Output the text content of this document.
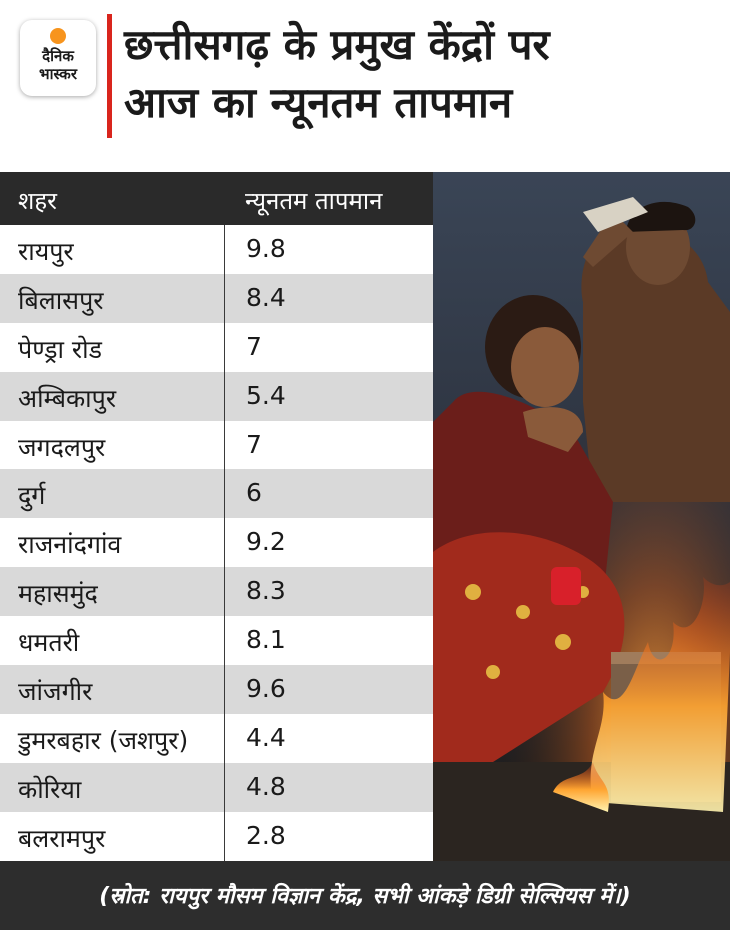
दैनिक
भास्कर
छत्तीसगढ़ के प्रमुख केंद्रों पर
आज का न्यूनतम तापमान
शहर	न्यूनतम तापमान
रायपुर	9.8
बिलासपुर	8.4
पेण्ड्रा रोड	7
अम्बिकापुर	5.4
जगदलपुर	7
दुर्ग	6
राजनांदगांव	9.2
महासमुंद	8.3
धमतरी	8.1
जांजगीर	9.6
डुमरबहार (जशपुर) 4.4
कोरिया	4.8
बलरामपुर	2.8
(स्रोत: रायपुर मौसम विज्ञान केंद्र, सभी आंकड़े डिग्री सेल्सियस में।)
